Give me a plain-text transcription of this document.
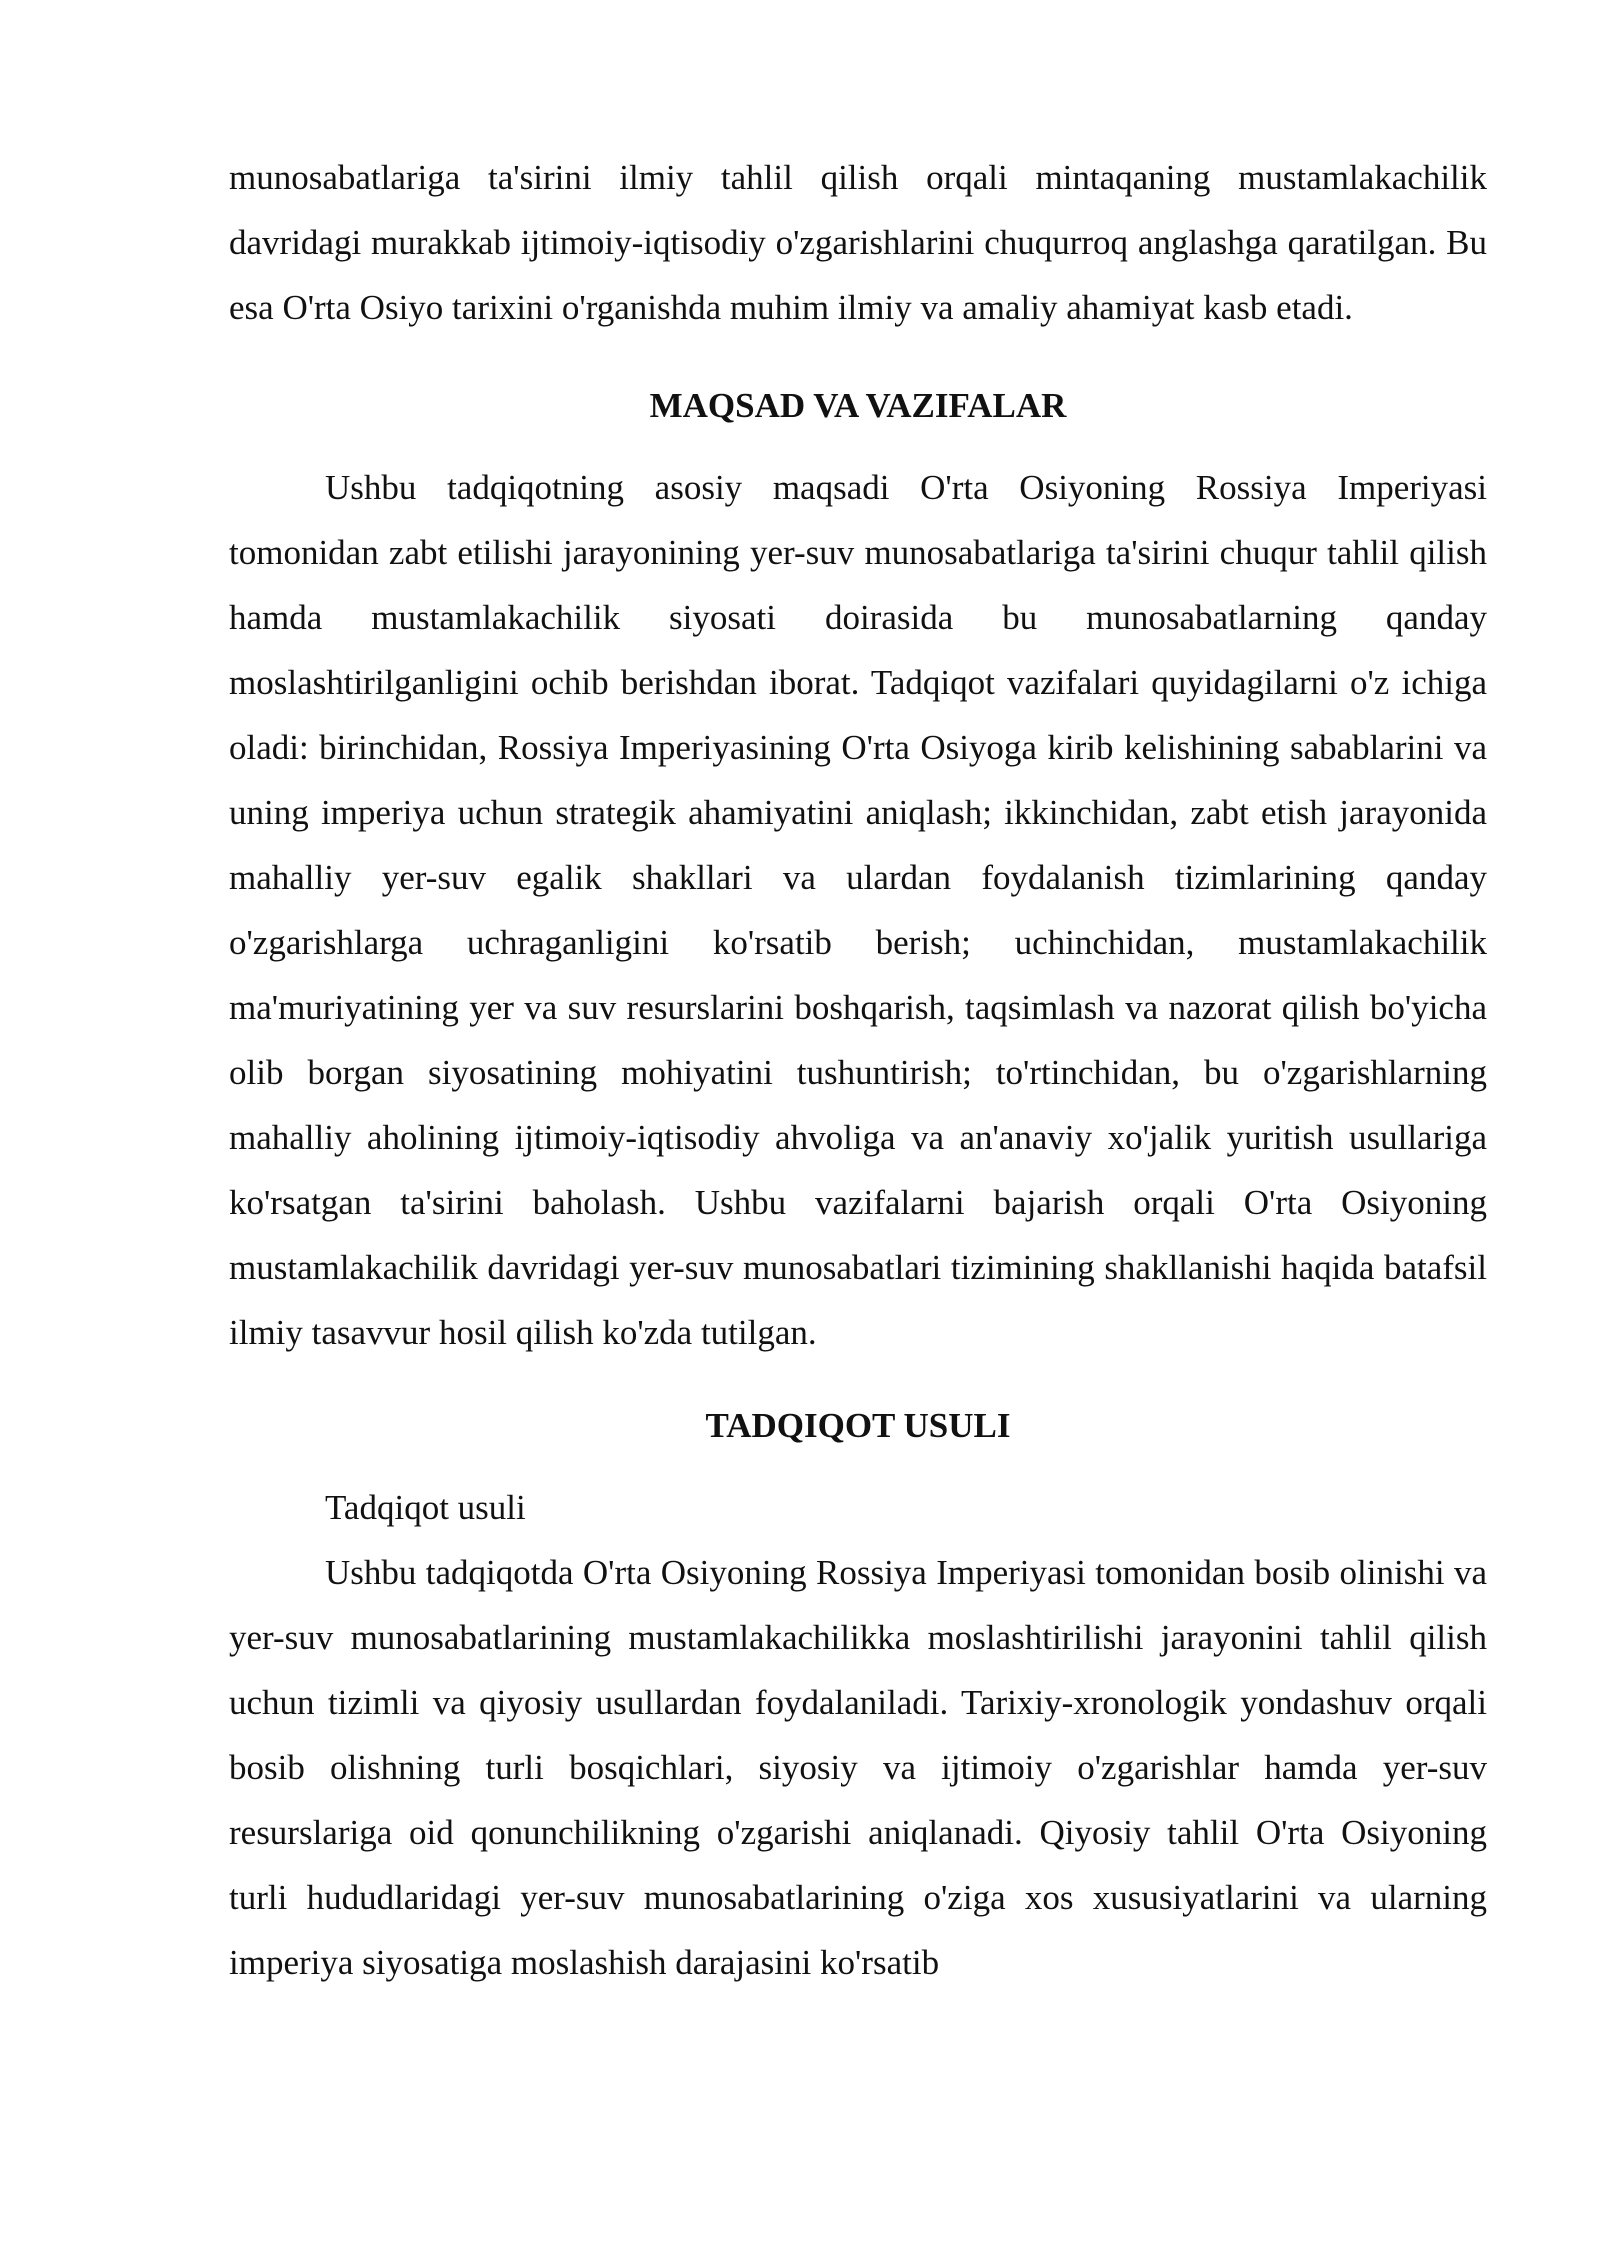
munosabatlariga ta'sirini ilmiy tahlil qilish orqali mintaqaning mustamlakachilik davridagi murakkab ijtimoiy-iqtisodiy o'zgarishlarini chuqurroq anglashga qaratilgan. Bu esa O'rta Osiyo tarixini o'rganishda muhim ilmiy va amaliy ahamiyat kasb etadi.

MAQSAD VA VAZIFALAR

Ushbu tadqiqotning asosiy maqsadi O'rta Osiyoning Rossiya Imperiyasi tomonidan zabt etilishi jarayonining yer-suv munosabatlariga ta'sirini chuqur tahlil qilish hamda mustamlakachilik siyosati doirasida bu munosabatlarning qanday moslashtirilganligini ochib berishdan iborat. Tadqiqot vazifalari quyidagilarni o'z ichiga oladi: birinchidan, Rossiya Imperiyasining O'rta Osiyoga kirib kelishining sabablarini va uning imperiya uchun strategik ahamiyatini aniqlash; ikkinchidan, zabt etish jarayonida mahalliy yer-suv egalik shakllari va ulardan foydalanish tizimlarining qanday o'zgarishlarga uchraganligini ko'rsatib berish; uchinchidan, mustamlakachilik ma'muriyatining yer va suv resurslarini boshqarish, taqsimlash va nazorat qilish bo'yicha olib borgan siyosatining mohiyatini tushuntirish; to'rtinchidan, bu o'zgarishlarning mahalliy aholining ijtimoiy-iqtisodiy ahvoliga va an'anaviy xo'jalik yuritish usullariga ko'rsatgan ta'sirini baholash. Ushbu vazifalarni bajarish orqali O'rta Osiyoning mustamlakachilik davridagi yer-suv munosabatlari tizimining shakllanishi haqida batafsil ilmiy tasavvur hosil qilish ko'zda tutilgan.

TADQIQOT USULI

Tadqiqot usuli

Ushbu tadqiqotda O'rta Osiyoning Rossiya Imperiyasi tomonidan bosib olinishi va yer-suv munosabatlarining mustamlakachilikka moslashtirilishi jarayonini tahlil qilish uchun tizimli va qiyosiy usullardan foydalaniladi. Tarixiy-xronologik yondashuv orqali bosib olishning turli bosqichlari, siyosiy va ijtimoiy o'zgarishlar hamda yer-suv resurslariga oid qonunchilikning o'zgarishi aniqlanadi. Qiyosiy tahlil O'rta Osiyoning turli hududlaridagi yer-suv munosabatlarining o'ziga xos xususiyatlarini va ularning imperiya siyosatiga moslashish darajasini ko'rsatib
